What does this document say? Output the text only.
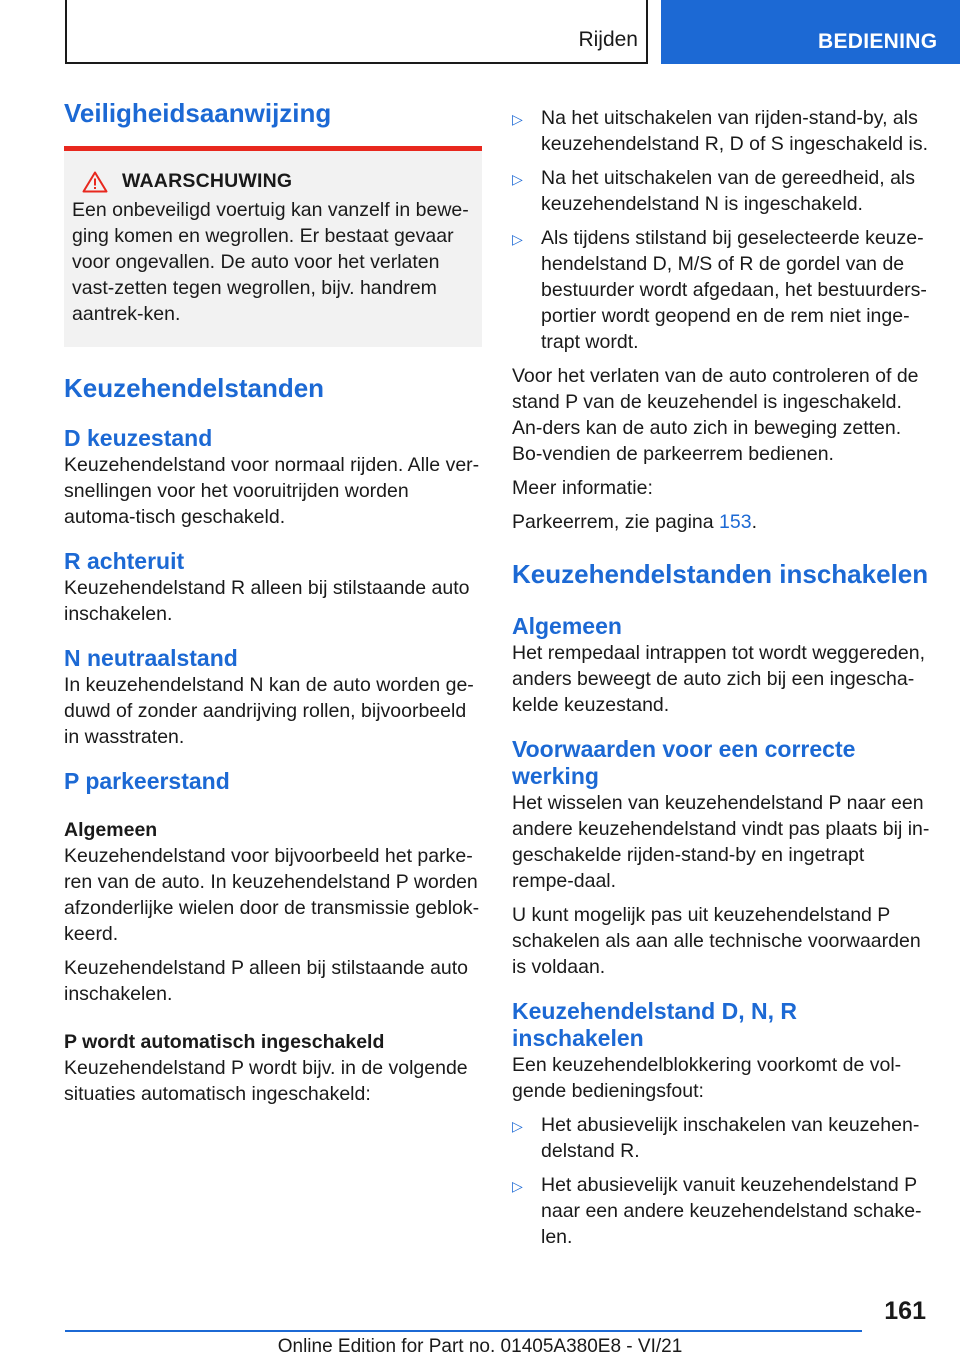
Rijden	BEDIENING
Veiligheidsaanwijzing
WAARSCHUWING

Een onbeveiligd voertuig kan vanzelf in bewe-ging komen en wegrollen. Er bestaat gevaar voor ongevallen. De auto voor het verlaten vast-zetten tegen wegrollen, bijv. handrem aantrek-ken.

Keuzehendelstanden
D keuzestand

Keuzehendelstand voor normaal rijden. Alle ver-snellingen voor het vooruitrijden worden automa-tisch geschakeld.

R achteruit

Keuzehendelstand R alleen bij stilstaande auto inschakelen.

N neutraalstand

In keuzehendelstand N kan de auto worden ge-duwd of zonder aandrijving rollen, bijvoorbeeld in wasstraten.

P parkeerstand
Algemeen

Keuzehendelstand voor bijvoorbeeld het parke-ren van de auto. In keuzehendelstand P worden afzonderlijke wielen door de transmissie geblok-keerd.

Keuzehendelstand P alleen bij stilstaande auto inschakelen.

P wordt automatisch ingeschakeld

Keuzehendelstand P wordt bijv. in de volgende situaties automatisch ingeschakeld:

▷ Na het uitschakelen van rijden-stand-by, als keuzehendelstand R, D of S ingeschakeld is.
▷ Na het uitschakelen van de gereedheid, als keuzehendelstand N is ingeschakeld.
▷ Als tijdens stilstand bij geselecteerde keuze-hendelstand D, M/S of R de gordel van de bestuurder wordt afgedaan, het bestuurders-portier wordt geopend en de rem niet inge-trapt wordt.

Voor het verlaten van de auto controleren of de stand P van de keuzehendel is ingeschakeld. An-ders kan de auto zich in beweging zetten. Bo-vendien de parkeerrem bedienen.

Meer informatie:

Parkeerrem, zie pagina 153.

Keuzehendelstanden inschakelen
Algemeen

Het rempedaal intrappen tot wordt weggereden, anders beweegt de auto zich bij een ingescha-kelde keuzestand.

Voorwaarden voor een correcte werking

Het wisselen van keuzehendelstand P naar een andere keuzehendelstand vindt pas plaats bij in-geschakelde rijden-stand-by en ingetrapt rempe-daal.

U kunt mogelijk pas uit keuzehendelstand P schakelen als aan alle technische voorwaarden is voldaan.

Keuzehendelstand D, N, R inschakelen

Een keuzehendelblokkering voorkomt de vol-gende bedieningsfout:

▷ Het abusievelijk inschakelen van keuzehen-delstand R.
▷ Het abusievelijk vanuit keuzehendelstand P naar een andere keuzehendelstand schake-len.
161
Online Edition for Part no. 01405A380E8 - VI/21
